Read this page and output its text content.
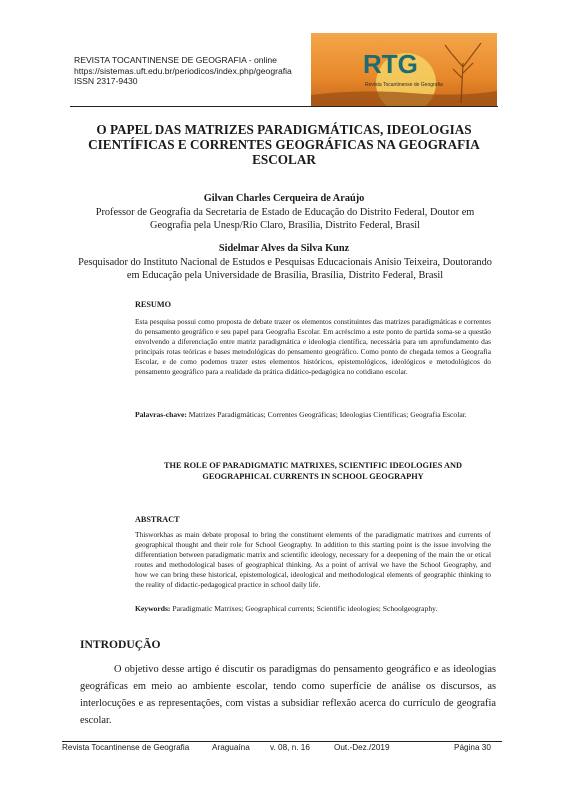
REVISTA TOCANTINENSE DE GEOGRAFIA - online
https://sistemas.uft.edu.br/periodicos/index.php/geografia
ISSN 2317-9430
RTG
Revista Tocantinense de Geografia
O PAPEL DAS MATRIZES PARADIGMÁTICAS, IDEOLOGIAS CIENTÍFICAS E CORRENTES GEOGRÁFICAS NA GEOGRAFIA ESCOLAR
Gilvan Charles Cerqueira de Araújo
Professor de Geografia da Secretaria de Estado de Educação do Distrito Federal, Doutor em Geografia pela Unesp/Rio Claro, Brasília, Distrito Federal, Brasil
Sidelmar Alves da Silva Kunz
Pesquisador do Instituto Nacional de Estudos e Pesquisas Educacionais Anísio Teixeira, Doutorando em Educação pela Universidade de Brasília, Brasília, Distrito Federal, Brasil
RESUMO
Esta pesquisa possui como proposta de debate trazer os elementos constituintes das matrizes paradigmáticas e correntes do pensamento geográfico e seu papel para Geografia Escolar. Em acréscimo a este ponto de partida soma-se a questão envolvendo a diferenciação entre matriz paradigmática e ideologia científica, necessária para um aprofundamento das principais rotas teóricas e bases metodológicas do pensamento geográfico. Como ponto de chegada temos a Geografia Escolar, e de como podemos trazer estes elementos históricos, epistemológicos, ideológicos e metodológicos do pensamento geográfico para a realidade da prática didático-pedagógica no cotidiano escolar.
Palavras-chave: Matrizes Paradigmáticas; Correntes Geográficas; Ideologias Científicas; Geografia Escolar.
THE ROLE OF PARADIGMATIC MATRIXES, SCIENTIFIC IDEOLOGIES AND GEOGRAPHICAL CURRENTS IN SCHOOL GEOGRAPHY
ABSTRACT
Thisworkhas as main debate proposal to bring the constituent elements of the paradigmatic matrixes and currents of geographical thought and their role for School Geography. In addition to this starting point is the issue involving the differentiation between paradigmatic matrix and scientific ideology, necessary for a deepening of the main the or etical routes and methodological bases of geographical thinking. As a point of arrival we have the School Geography, and how we can bring these historical, epistemological, ideological and methodological elements of geographic thinking to the reality of didactic-pedagogical practice in school daily life.
Keywords: Paradigmatic Matrixes; Geographical currents; Scientific ideologies; Schoolgeography.
INTRODUÇÃO
O objetivo desse artigo é discutir os paradigmas do pensamento geográfico e as ideologias geográficas em meio ao ambiente escolar, tendo como superfície de análise os discursos, as interlocuções e as representações, com vistas a subsidiar reflexão acerca do currículo de geografia escolar.
Revista Tocantinense de Geografia	Araguaína v. 08, n. 16	Out.-Dez./2019	Página 30
